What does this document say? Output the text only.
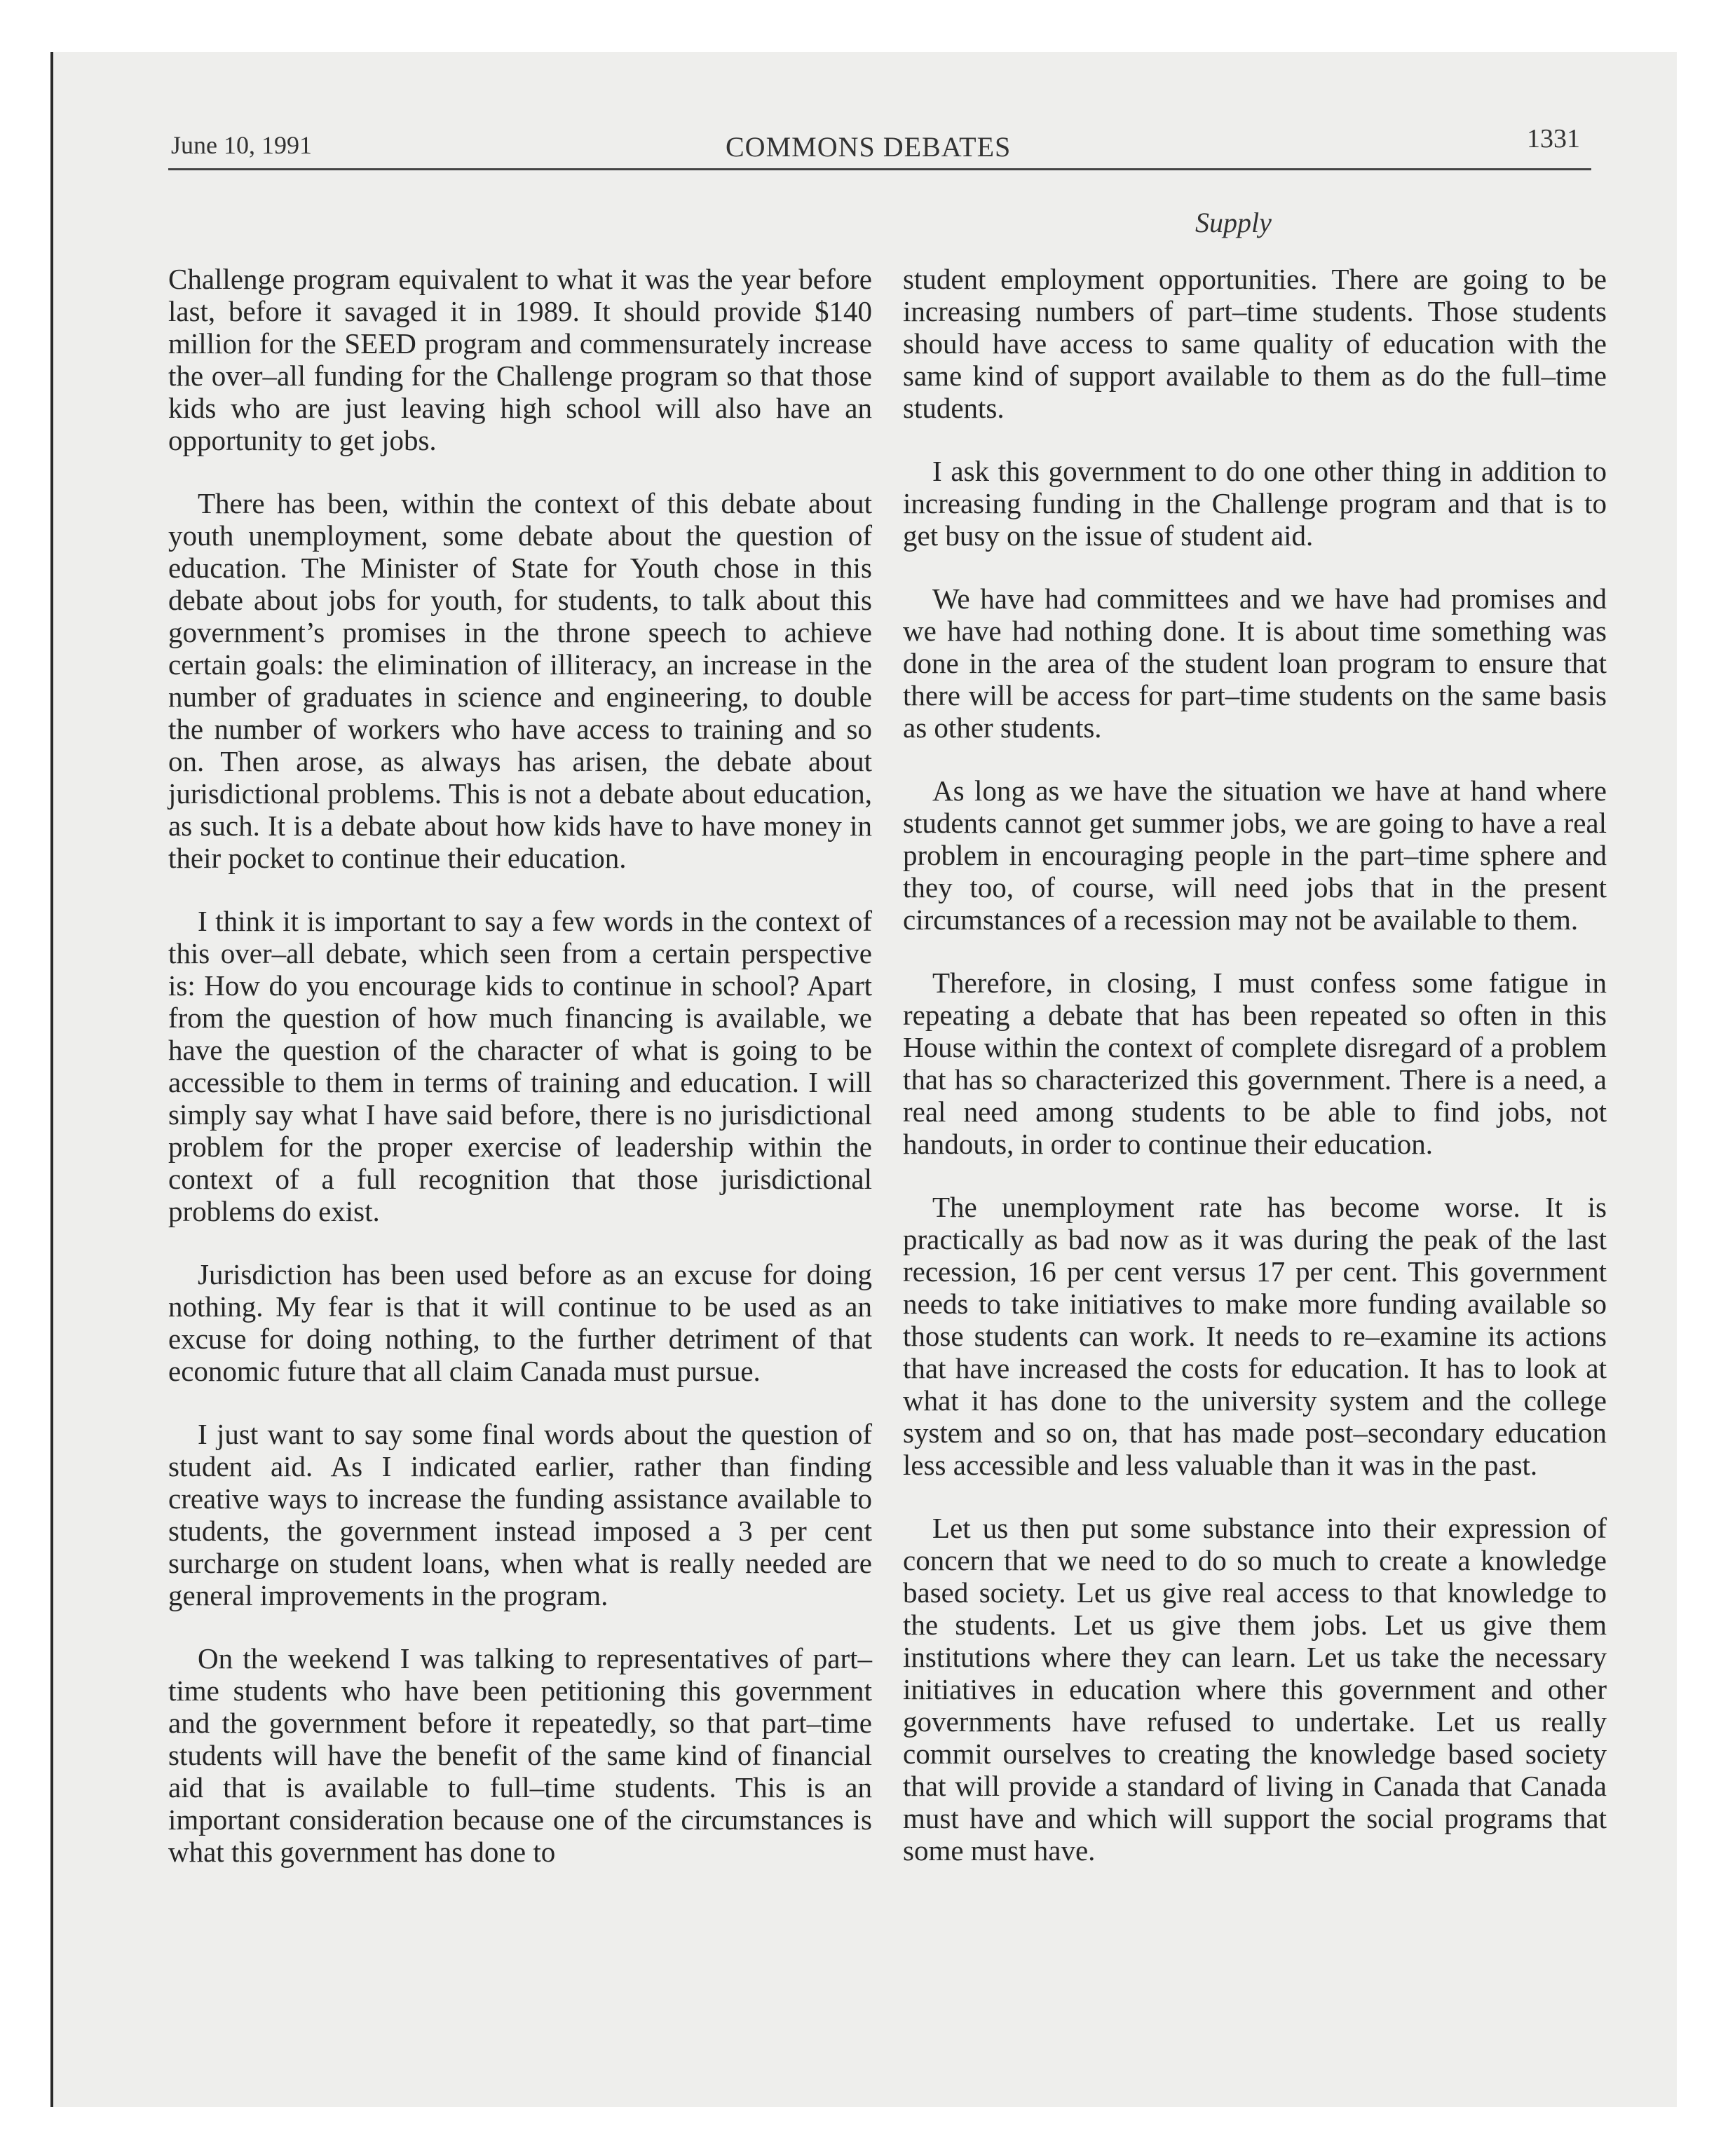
June 10, 1991	COMMONS DEBATES	1331
Supply

Challenge program equivalent to what it was the year before last, before it savaged it in 1989. It should provide $140 million for the SEED program and commensurately increase the over–all funding for the Challenge program so that those kids who are just leaving high school will also have an opportunity to get jobs.

There has been, within the context of this debate about youth unemployment, some debate about the question of education. The Minister of State for Youth chose in this debate about jobs for youth, for students, to talk about this government’s promises in the throne speech to achieve certain goals: the elimination of illiteracy, an increase in the number of graduates in science and engineering, to double the number of workers who have access to training and so on. Then arose, as always has arisen, the debate about jurisdictional problems. This is not a debate about education, as such. It is a debate about how kids have to have money in their pocket to continue their education.

I think it is important to say a few words in the context of this over–all debate, which seen from a certain perspective is: How do you encourage kids to continue in school? Apart from the question of how much financing is available, we have the question of the character of what is going to be accessible to them in terms of training and education. I will simply say what I have said before, there is no jurisdictional problem for the proper exercise of leadership within the context of a full recognition that those jurisdictional problems do exist.

Jurisdiction has been used before as an excuse for doing nothing. My fear is that it will continue to be used as an excuse for doing nothing, to the further detriment of that economic future that all claim Canada must pursue.

I just want to say some final words about the question of student aid. As I indicated earlier, rather than finding creative ways to increase the funding assistance available to students, the government instead imposed a 3 per cent surcharge on student loans, when what is really needed are general improvements in the program.

On the weekend I was talking to representatives of part–time students who have been petitioning this government and the government before it repeatedly, so that part–time students will have the benefit of the same kind of financial aid that is available to full–time students. This is an important consideration because one of the circumstances is what this government has done to

student employment opportunities. There are going to be increasing numbers of part–time students. Those students should have access to same quality of education with the same kind of support available to them as do the full–time students.

I ask this government to do one other thing in addition to increasing funding in the Challenge program and that is to get busy on the issue of student aid.

We have had committees and we have had promises and we have had nothing done. It is about time something was done in the area of the student loan program to ensure that there will be access for part–time students on the same basis as other students.

As long as we have the situation we have at hand where students cannot get summer jobs, we are going to have a real problem in encouraging people in the part–time sphere and they too, of course, will need jobs that in the present circumstances of a recession may not be available to them.

Therefore, in closing, I must confess some fatigue in repeating a debate that has been repeated so often in this House within the context of complete disregard of a problem that has so characterized this government. There is a need, a real need among students to be able to find jobs, not handouts, in order to continue their education.

The unemployment rate has become worse. It is practically as bad now as it was during the peak of the last recession, 16 per cent versus 17 per cent. This government needs to take initiatives to make more funding available so those students can work. It needs to re–examine its actions that have increased the costs for education. It has to look at what it has done to the university system and the college system and so on, that has made post–secondary education less accessible and less valuable than it was in the past.

Let us then put some substance into their expression of concern that we need to do so much to create a knowledge based society. Let us give real access to that knowledge to the students. Let us give them jobs. Let us give them institutions where they can learn. Let us take the necessary initiatives in education where this government and other governments have refused to undertake. Let us really commit ourselves to creating the knowledge based society that will provide a standard of living in Canada that Canada must have and which will support the social programs that some must have.
